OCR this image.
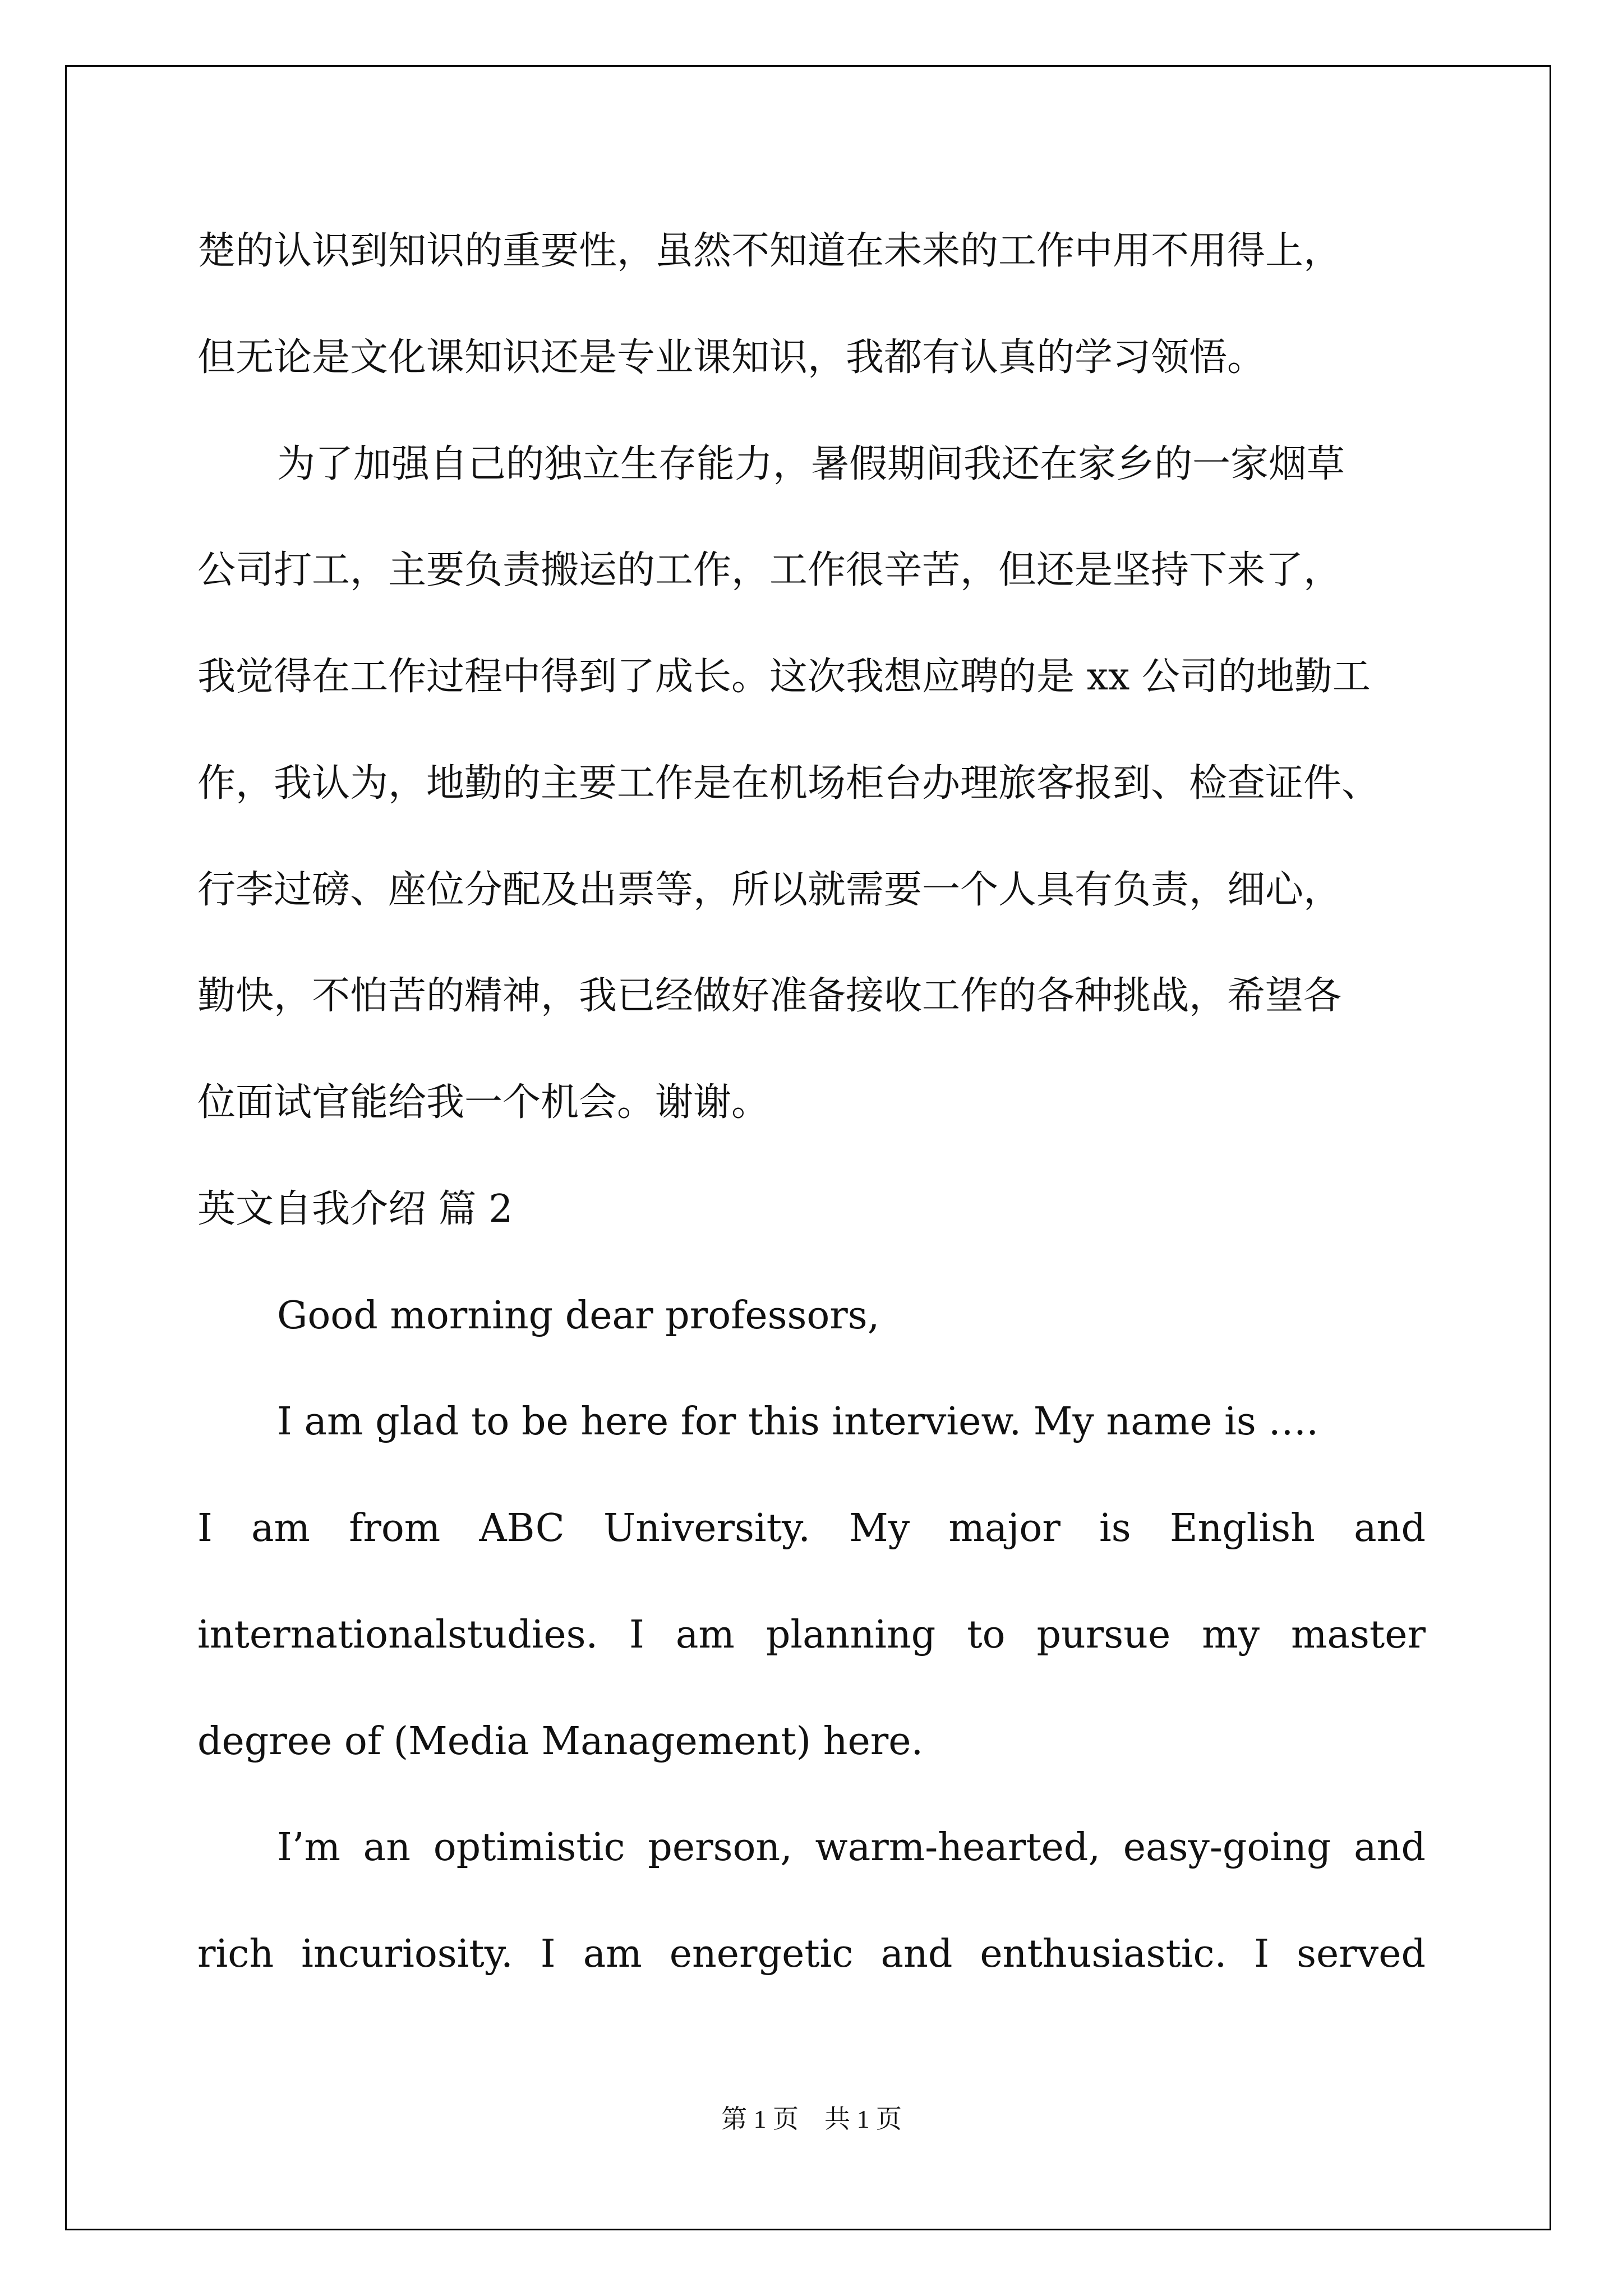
楚的认识到知识的重要性，虽然不知道在未来的工作中用不用得上，
但无论是文化课知识还是专业课知识，我都有认真的学习领悟。
为了加强自己的独立生存能力，暑假期间我还在家乡的一家烟草
公司打工，主要负责搬运的工作，工作很辛苦，但还是坚持下来了，
我觉得在工作过程中得到了成长。这次我想应聘的是 xx 公司的地勤工
作，我认为，地勤的主要工作是在机场柜台办理旅客报到、检查证件、
行李过磅、座位分配及出票等，所以就需要一个人具有负责，细心，
勤快，不怕苦的精神，我已经做好准备接收工作的各种挑战，希望各
位面试官能给我一个机会。谢谢。
英文自我介绍 篇 2
Good morning dear professors,
I am glad to be here for this interview. My name is ….
I am from ABC University. My major is English and
internationalstudies. I am planning to pursue my master
degree of (Media Management) here.
I’m an optimistic person, warm-hearted, easy-going and
rich incuriosity. I am energetic and enthusiastic. I served
第 1 页　共 1 页
